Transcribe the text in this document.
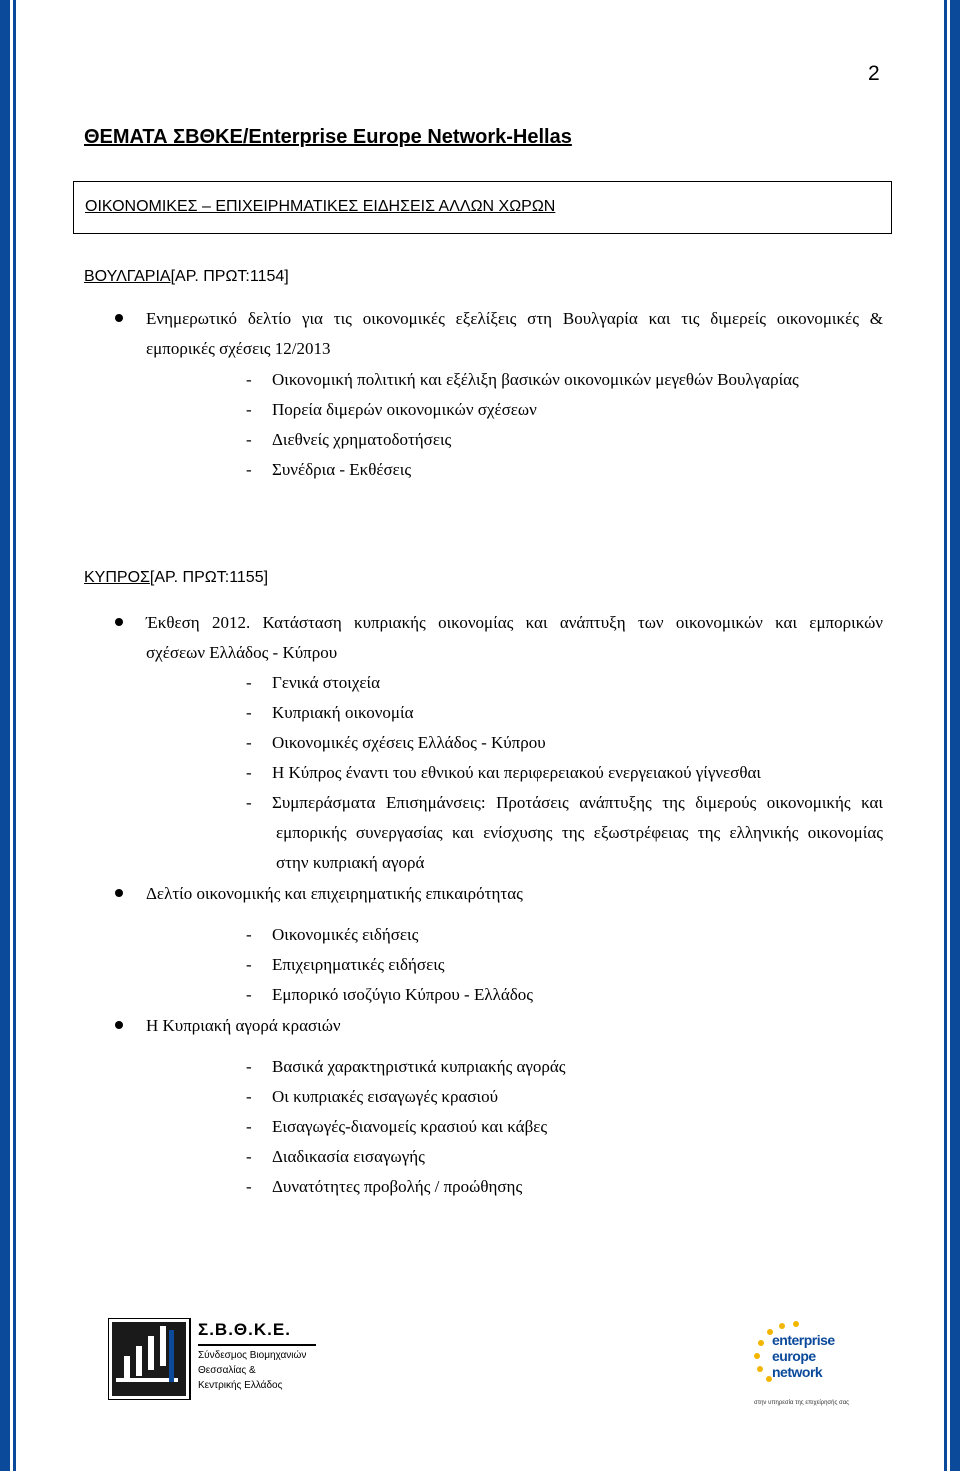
2
ΘΕΜΑΤΑ ΣΒΘΚΕ/Enterprise Europe Network-Hellas
ΟΙΚΟΝΟΜΙΚΕΣ – ΕΠΙΧΕΙΡΗΜΑΤΙΚΕΣ ΕΙΔΗΣΕΙΣ ΑΛΛΩΝ ΧΩΡΩΝ
ΒΟΥΛΓΑΡΙΑ[ΑΡ. ΠΡΩΤ:1154]
Ενημερωτικό δελτίο για τις οικονομικές εξελίξεις στη Βουλγαρία και τις διμερείς οικονομικές &
εμπορικές σχέσεις 12/2013
- Οικονομική πολιτική και εξέλιξη βασικών οικονομικών μεγεθών Βουλγαρίας
- Πορεία διμερών οικονομικών σχέσεων
- Διεθνείς χρηματοδοτήσεις
- Συνέδρια - Εκθέσεις
ΚΥΠΡΟΣ[ΑΡ. ΠΡΩΤ:1155]
Έκθεση 2012. Κατάσταση κυπριακής οικονομίας και ανάπτυξη των οικονομικών και εμπορικών
σχέσεων Ελλάδος - Κύπρου
- Γενικά στοιχεία
- Κυπριακή οικονομία
- Οικονομικές σχέσεις Ελλάδος - Κύπρου
- Η Κύπρος έναντι του εθνικού και περιφερειακού ενεργειακού γίγνεσθαι
- Συμπεράσματα Επισημάνσεις: Προτάσεις ανάπτυξης της διμερούς οικονομικής και
εμπορικής συνεργασίας και ενίσχυσης της εξωστρέφειας της ελληνικής οικονομίας
στην κυπριακή αγορά
Δελτίο οικονομικής και επιχειρηματικής επικαιρότητας
- Οικονομικές ειδήσεις
- Επιχειρηματικές ειδήσεις
- Εμπορικό ισοζύγιο Κύπρου - Ελλάδος
Η Κυπριακή αγορά κρασιών
- Βασικά χαρακτηριστικά κυπριακής αγοράς
- Οι κυπριακές εισαγωγές κρασιού
- Εισαγωγές-διανομείς κρασιού και κάβες
- Διαδικασία εισαγωγής
- Δυνατότητες προβολής / προώθησης
Σ.Β.Θ.Κ.Ε.
Σύνδεσμος Βιομηχανιών
Θεσσαλίας &
Κεντρικής Ελλάδος
enterprise
europe
network
στην υπηρεσία της επιχείρησής σας
